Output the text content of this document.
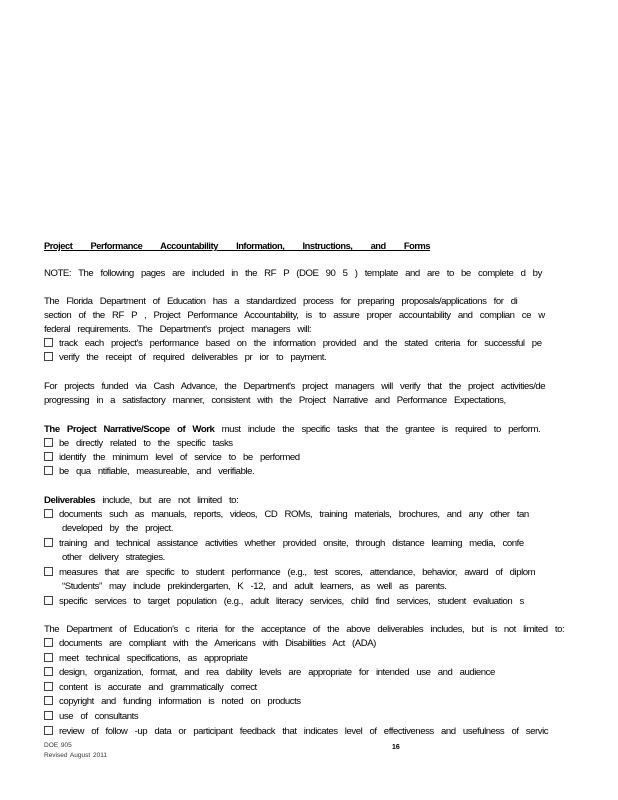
Project Performance Accountability Information, Instructions, and Forms
NOTE: The following pages are included in the RF P (DOE 90 5 ) template and are to be complete d by
The Florida Department of Education has a standardized process for preparing proposals/applications for di
section of the RF P , Project Performance Accountability, is to assure proper accountability and complian ce w
federal requirements. The Department's project managers will:
track each project's performance based on the information provided and the stated criteria for successful pe
verify the receipt of required deliverables pr ior to payment.
For projects funded via Cash Advance, the Department's project managers will verify that the project activities/de
progressing in a satisfactory manner, consistent with the Project Narrative and Performance Expectations,
The Project Narrative/Scope of Work must include the specific tasks that the grantee is required to perform.
be directly related to the specific tasks
identify the minimum level of service to be performed
be qua ntifiable, measureable, and verifiable.
Deliverables include, but are not limited to:
documents such as manuals, reports, videos, CD ROMs, training materials, brochures, and any other tan
developed by the project.
training and technical assistance activities whether provided onsite, through distance learning media, confe
other delivery strategies.
measures that are specific to student performance (e.g., test scores, attendance, behavior, award of diplom
“Students” may include prekindergarten, K -12, and adult learners, as well as parents.
specific services to target population (e.g., adult literacy services, child find services, student evaluation s
The Department of Education's c riteria for the acceptance of the above deliverables includes, but is not limited to:
documents are compliant with the Americans with Disabilities Act (ADA)
meet technical specifications, as appropriate
design, organization, format, and rea dability levels are appropriate for intended use and audience
content is accurate and grammatically correct
copyright and funding information is noted on products
use of consultants
review of follow -up data or participant feedback that indicates level of effectiveness and usefulness of servic
DOE 905
Revised August 2011
16
